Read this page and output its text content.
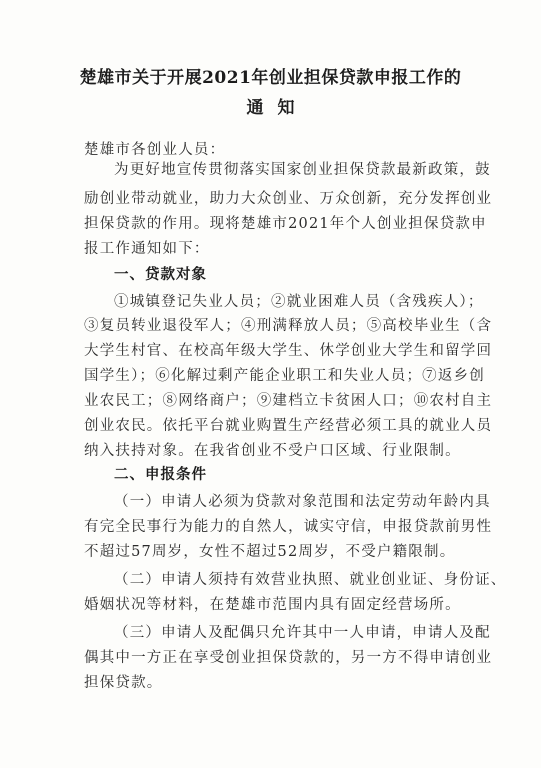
楚雄市关于开展2021年创业担保贷款申报工作的
通知
楚雄市各创业人员：
为更好地宣传贯彻落实国家创业担保贷款最新政策，鼓
励创业带动就业，助力大众创业、万众创新，充分发挥创业
担保贷款的作用。现将楚雄市2021年个人创业担保贷款申
报工作通知如下：
一、贷款对象
①城镇登记失业人员；②就业困难人员（含残疾人）；
③复员转业退役军人；④刑满释放人员；⑤高校毕业生（含
大学生村官、在校高年级大学生、休学创业大学生和留学回
国学生）；⑥化解过剩产能企业职工和失业人员；⑦返乡创
业农民工；⑧网络商户；⑨建档立卡贫困人口；⑩农村自主
创业农民。依托平台就业购置生产经营必须工具的就业人员
纳入扶持对象。在我省创业不受户口区域、行业限制。
二、申报条件
（一）申请人必须为贷款对象范围和法定劳动年龄内具
有完全民事行为能力的自然人，诚实守信，申报贷款前男性
不超过57周岁，女性不超过52周岁，不受户籍限制。
（二）申请人须持有效营业执照、就业创业证、身份证、
婚姻状况等材料，在楚雄市范围内具有固定经营场所。
（三）申请人及配偶只允许其中一人申请，申请人及配
偶其中一方正在享受创业担保贷款的，另一方不得申请创业
担保贷款。
